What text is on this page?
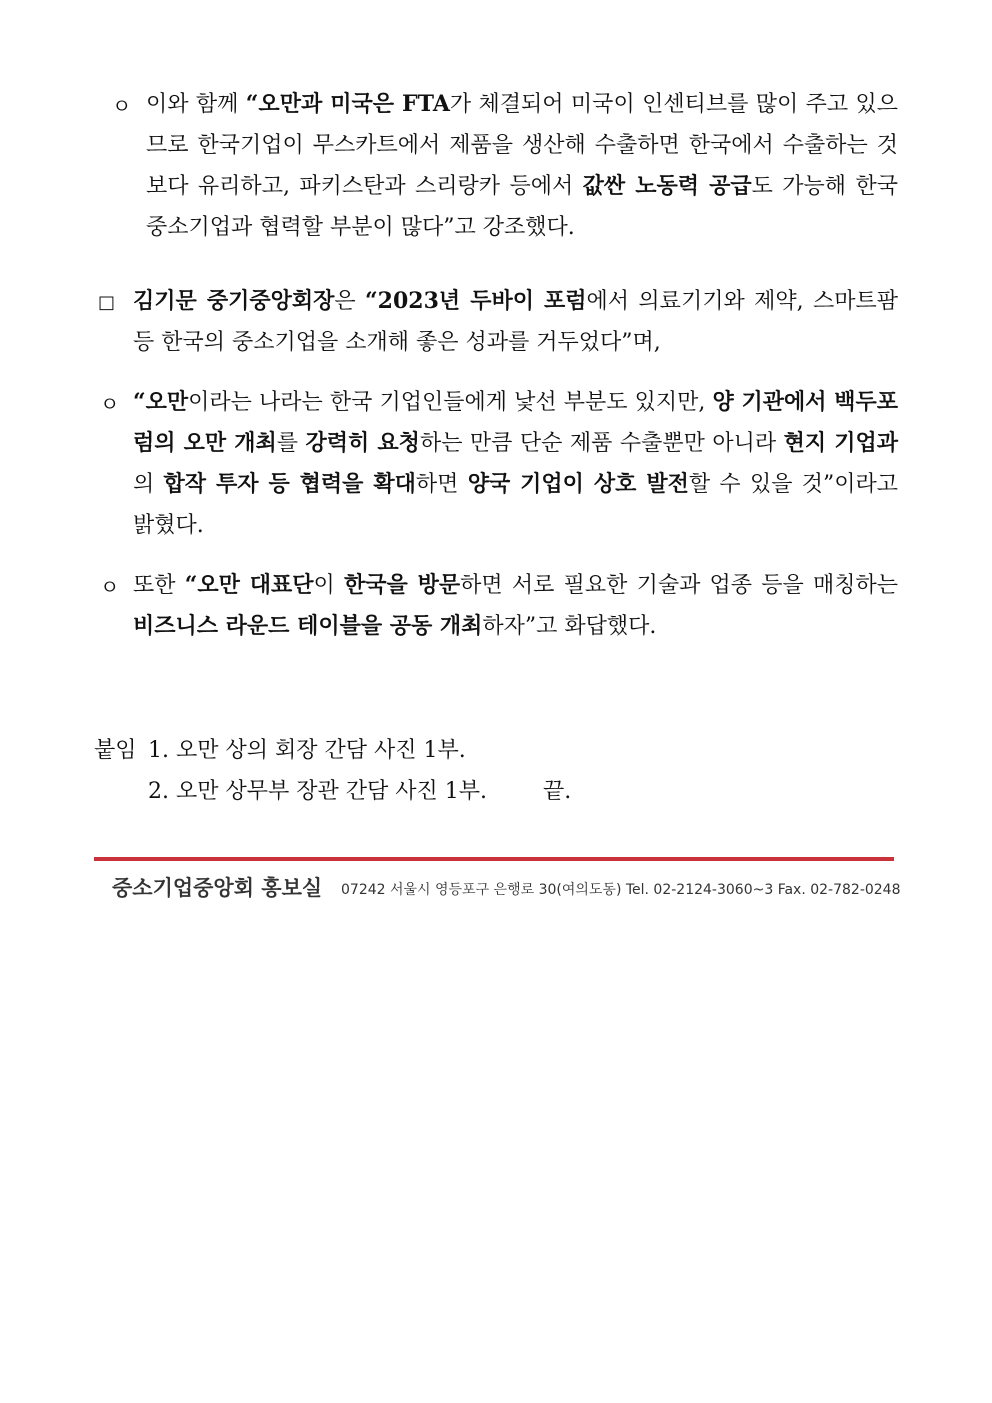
ㅇ 이와 함께 “오만과 미국은 FTA가 체결되어 미국이 인센티브를 많이 주고 있으므로 한국기업이 무스카트에서 제품을 생산해 수출하면 한국에서 수출하는 것보다 유리하고, 파키스탄과 스리랑카 등에서 값싼 노동력 공급도 가능해 한국 중소기업과 협력할 부분이 많다”고 강조했다.
□ 김기문 중기중앙회장은 “2023년 두바이 포럼에서 의료기기와 제약, 스마트팜 등 한국의 중소기업을 소개해 좋은 성과를 거두었다”며,
ㅇ “오만이라는 나라는 한국 기업인들에게 낯선 부분도 있지만, 양 기관에서 백두포럼의 오만 개최를 강력히 요청하는 만큼 단순 제품 수출뿐만 아니라 현지 기업과의 합작 투자 등 협력을 확대하면 양국 기업이 상호 발전할 수 있을 것”이라고 밝혔다.
ㅇ 또한 “오만 대표단이 한국을 방문하면 서로 필요한 기술과 업종 등을 매칭하는 비즈니스 라운드 테이블을 공동 개최하자”고 화답했다.
붙임 1. 오만 상의 회장 간담 사진 1부.
2. 오만 상무부 장관 간담 사진 1부.	끝.
중소기업중앙회 홍보실 07242 서울시 영등포구 은행로 30(여의도동) Tel. 02-2124-3060~3 Fax. 02-782-0248
